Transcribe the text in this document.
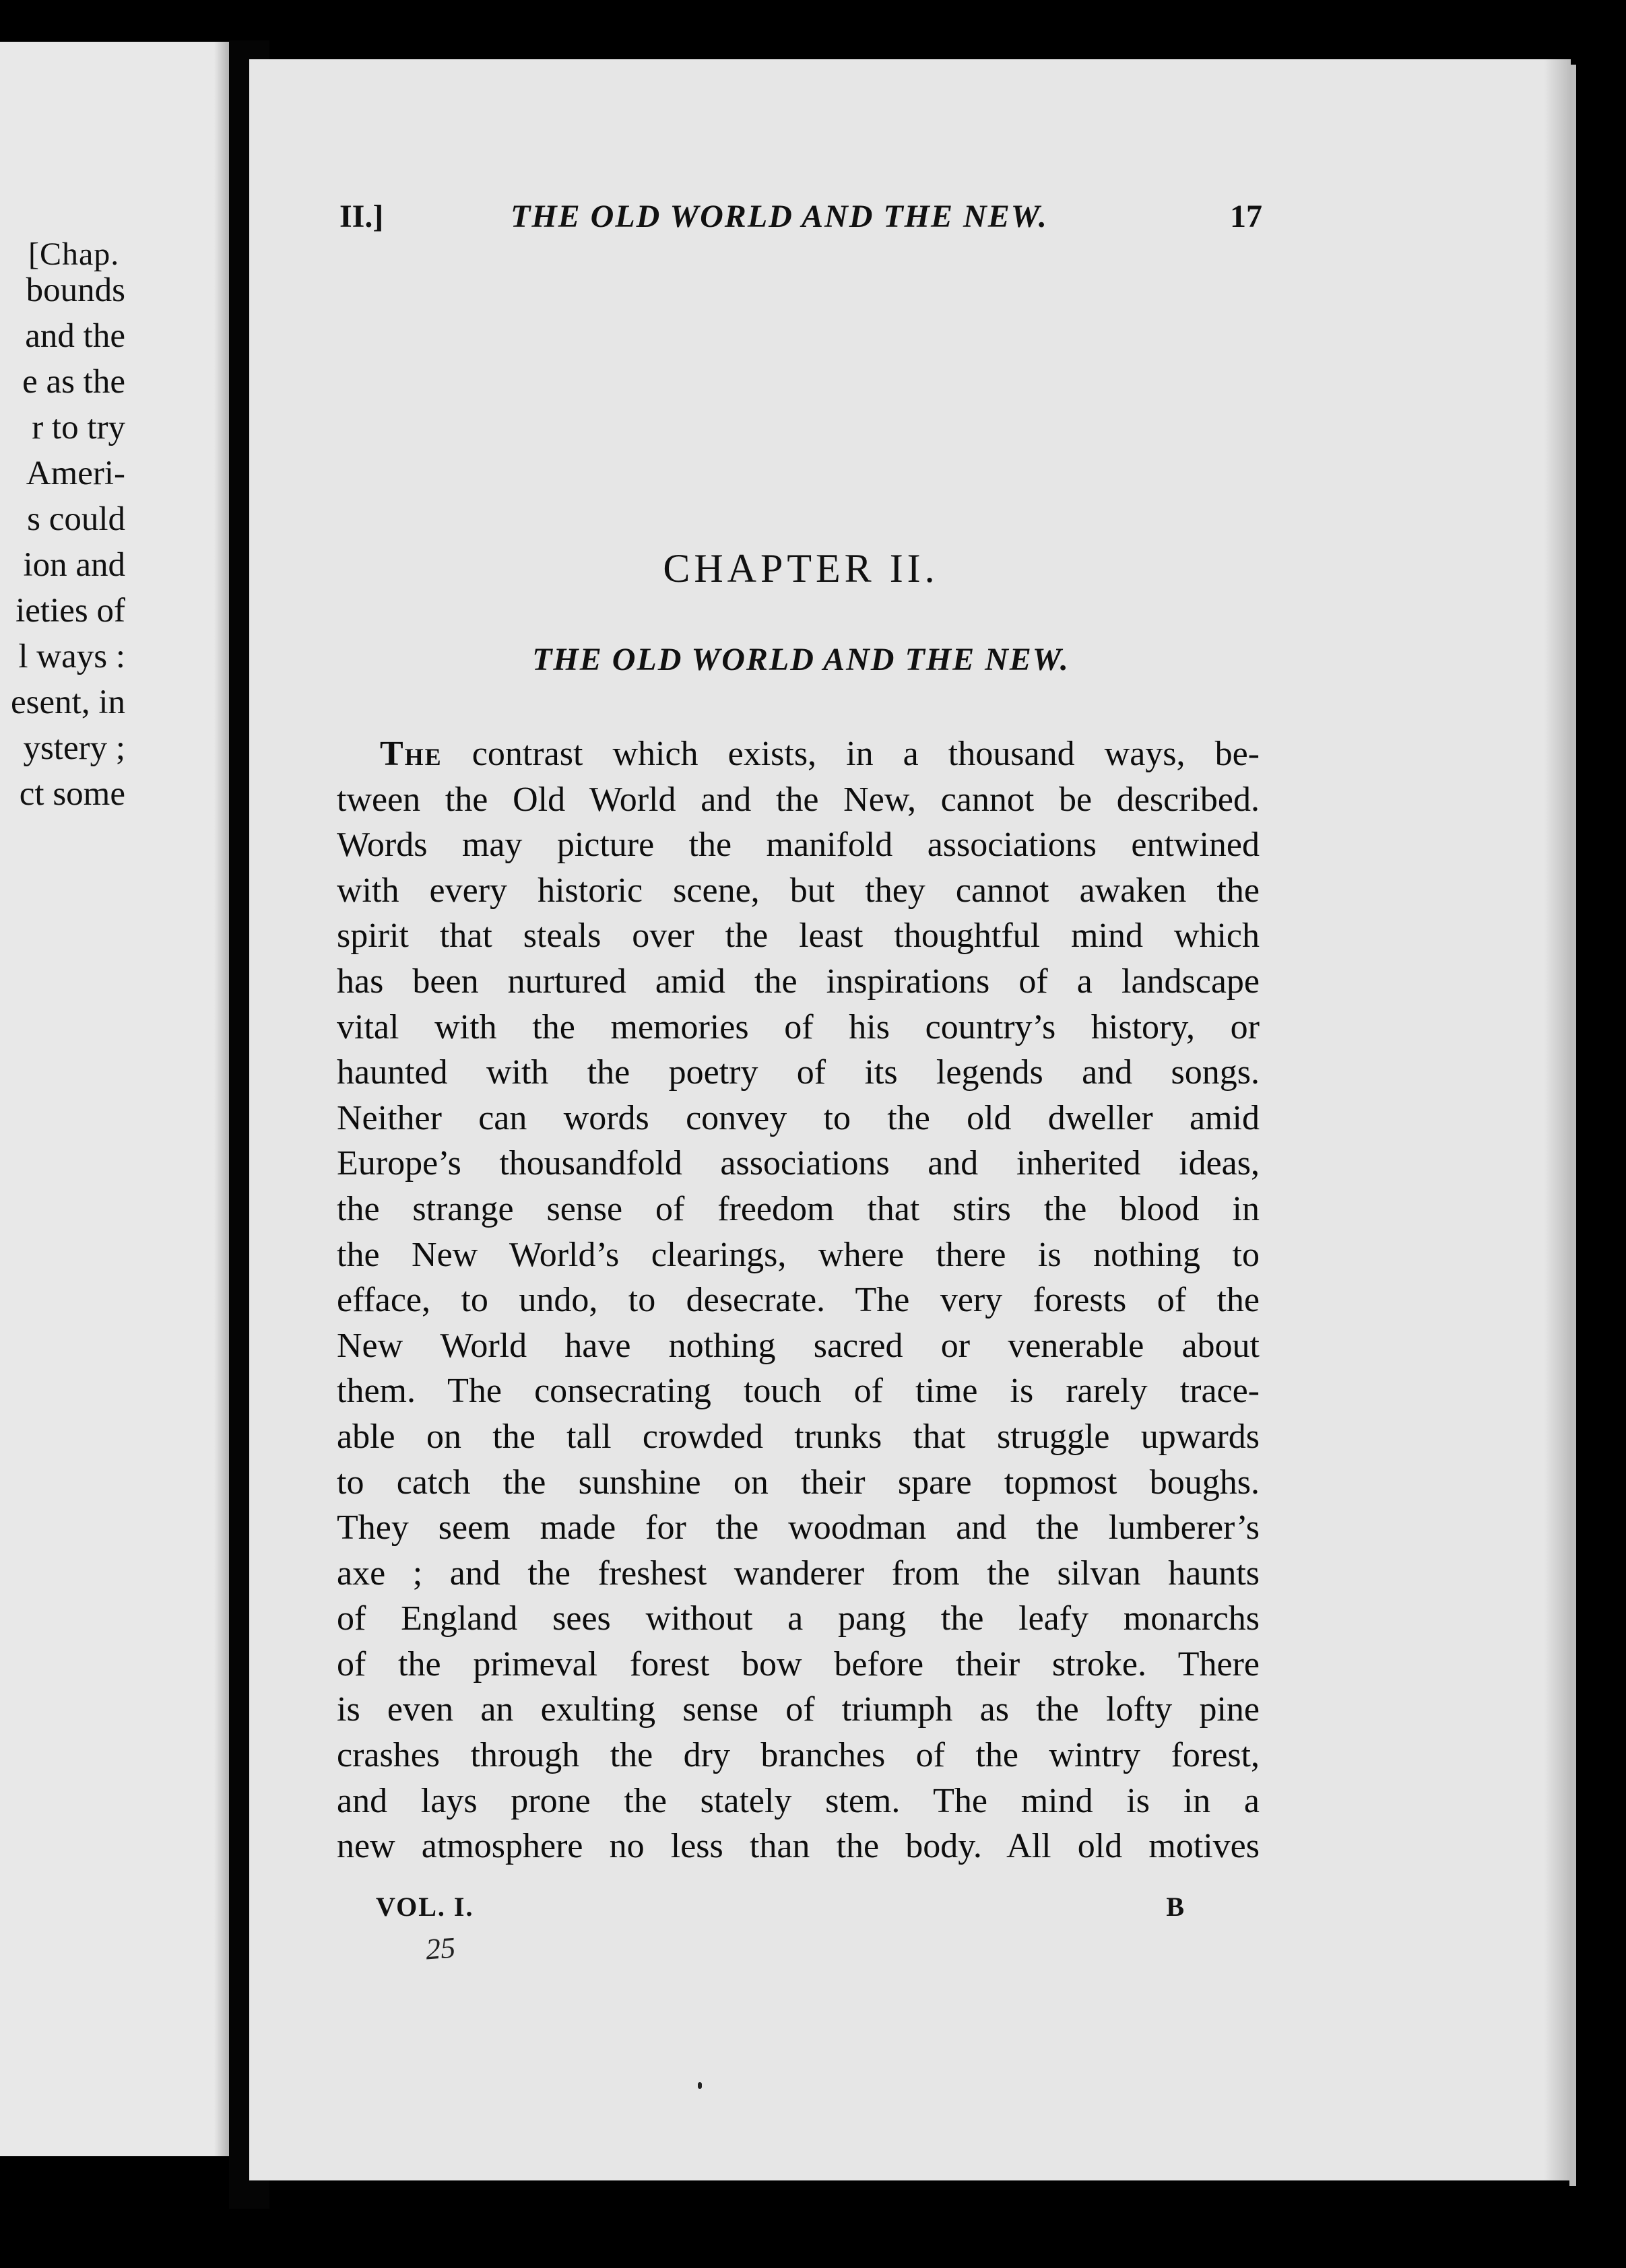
[Chap.
bounds
and the
e as the
r to try
Ameri-
s could
ion and
ieties of
l ways :
esent, in
ystery ;
ct some
II.]	THE OLD WORLD AND THE NEW.	17
CHAPTER II.
THE OLD WORLD AND THE NEW.
The contrast which exists, in a thousand ways, be-
tween the Old World and the New, cannot be described.
Words may picture the manifold associations entwined
with every historic scene, but they cannot awaken the
spirit that steals over the least thoughtful mind which
has been nurtured amid the inspirations of a landscape
vital with the memories of his country’s history, or
haunted with the poetry of its legends and songs.
Neither can words convey to the old dweller amid
Europe’s thousandfold associations and inherited ideas,
the strange sense of freedom that stirs the blood in
the New World’s clearings, where there is nothing to
efface, to undo, to desecrate. The very forests of the
New World have nothing sacred or venerable about
them. The consecrating touch of time is rarely trace-
able on the tall crowded trunks that struggle upwards
to catch the sunshine on their spare topmost boughs.
They seem made for the woodman and the lumberer’s
axe ; and the freshest wanderer from the silvan haunts
of England sees without a pang the leafy monarchs
of the primeval forest bow before their stroke. There
is even an exulting sense of triumph as the lofty pine
crashes through the dry branches of the wintry forest,
and lays prone the stately stem. The mind is in a
new atmosphere no less than the body. All old motives
VOL. I.	B
25
